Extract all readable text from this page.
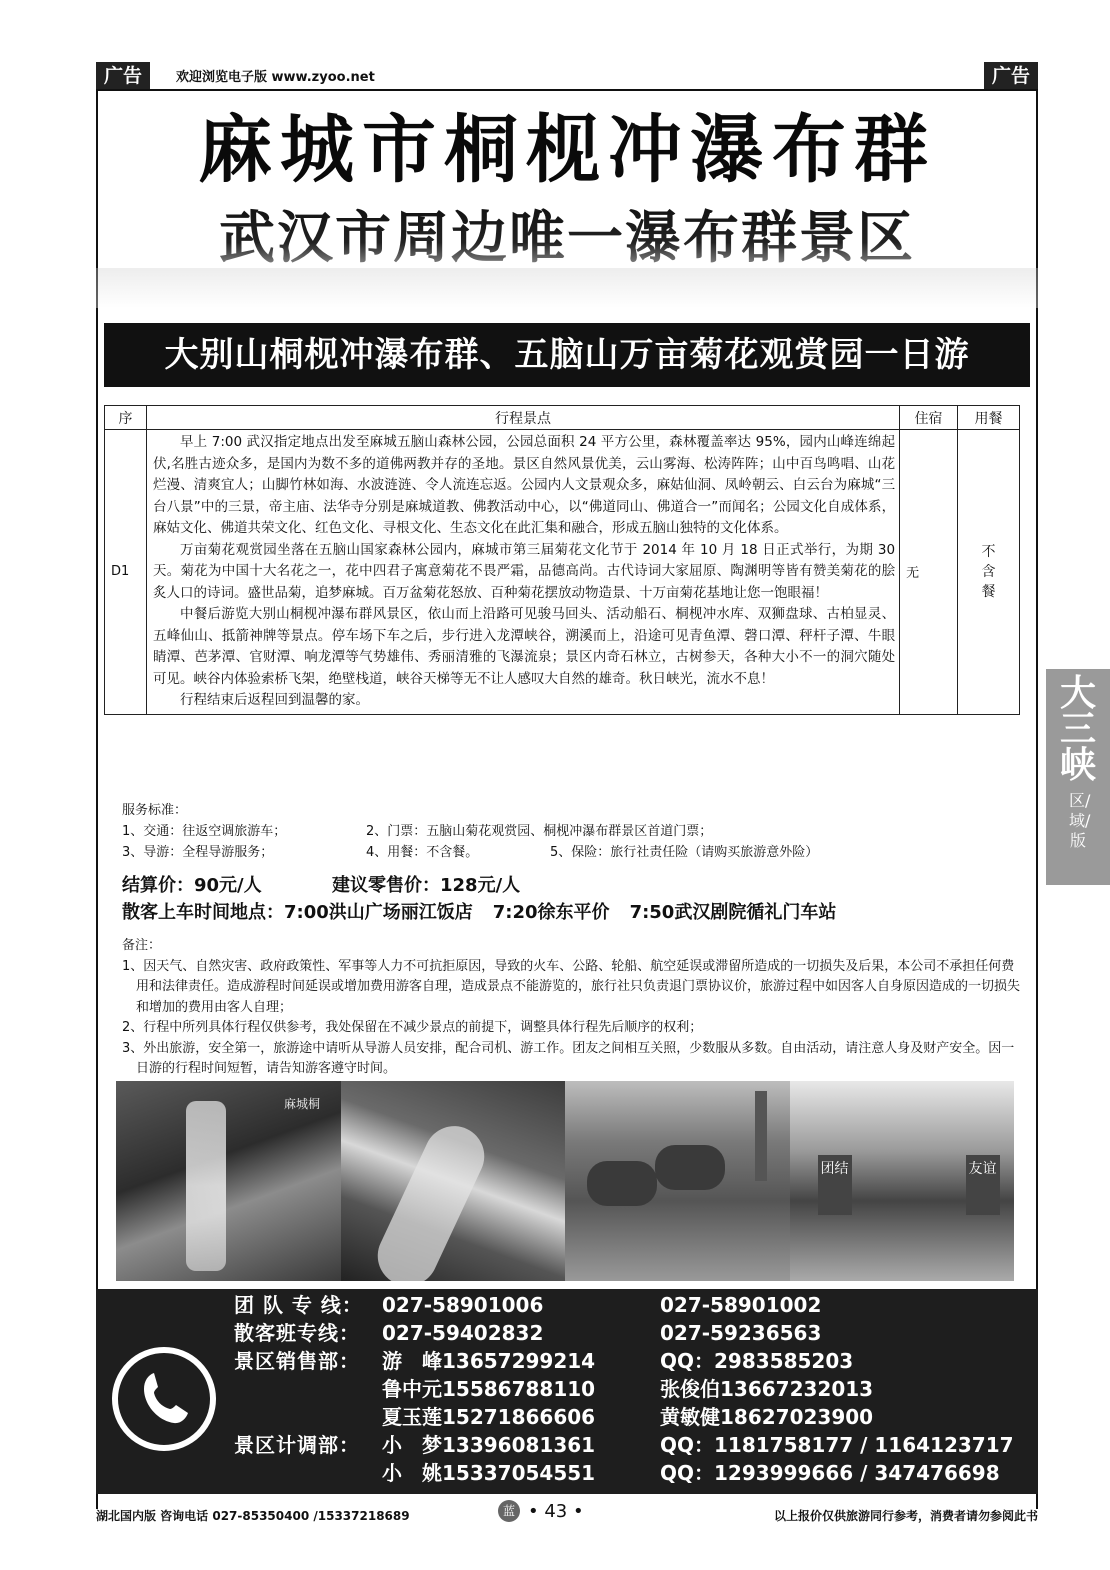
广告	欢迎浏览电子版 www.zyoo.net	广告
麻城市桐枧冲瀑布群
武汉市周边唯一瀑布群景区
大别山桐枧冲瀑布群、五脑山万亩菊花观赏园一日游
序	行程景点	住宿	用餐
D1	早上 7:00 武汉指定地点出发至麻城五脑山森林公园，公园总面积 24 平方公里，森林覆盖率达 95%，园内山峰连绵起伏,名胜古迹众多，是国内为数不多的道佛两教并存的圣地。景区自然风景优美，云山雾海、松涛阵阵；山中百鸟鸣唱、山花烂漫、清爽宜人；山脚竹林如海、水波涟涟、令人流连忘返。公园内人文景观众多，麻姑仙洞、凤岭朝云、白云台为麻城“三台八景”中的三景，帝主庙、法华寺分别是麻城道教、佛教活动中心，以“佛道同山、佛道合一”而闻名；公园文化自成体系，麻姑文化、佛道共荣文化、红色文化、寻根文化、生态文化在此汇集和融合，形成五脑山独特的文化体系。

万亩菊花观赏园坐落在五脑山国家森林公园内，麻城市第三届菊花文化节于 2014 年 10 月 18 日正式举行，为期 30 天。菊花为中国十大名花之一，花中四君子寓意菊花不畏严霜，品德高尚。古代诗词大家屈原、陶渊明等皆有赞美菊花的脍炙人口的诗词。盛世品菊，追梦麻城。百万盆菊花怒放、百种菊花摆放动物造景、十万亩菊花基地让您一饱眼福！

中餐后游览大别山桐枧冲瀑布群风景区，依山而上沿路可见骏马回头、活动船石、桐枧冲水库、双狮盘球、古柏显灵、五峰仙山、抵箭神牌等景点。停车场下车之后，步行进入龙潭峡谷，溯溪而上，沿途可见青鱼潭、磬口潭、秤杆子潭、牛眼睛潭、芭茅潭、官财潭、响龙潭等气势雄伟、秀丽清雅的飞瀑流泉；景区内奇石林立，古树参天，各种大小不一的洞穴随处可见。峡谷内体验索桥飞架，绝壁栈道，峡谷天梯等无不让人感叹大自然的雄奇。秋日峡光，流水不息！

行程结束后返程回到温馨的家。	无	不含餐
服务标准：
1、交通：往返空调旅游车；	2、门票：五脑山菊花观赏园、桐枧冲瀑布群景区首道门票；
3、导游：全程导游服务；	4、用餐：不含餐。	5、保险：旅行社责任险（请购买旅游意外险）
结算价：90元/人	建议零售价：128元/人
散客上车时间地点：7:00洪山广场丽江饭店 7:20徐东平价 7:50武汉剧院循礼门车站
备注：
1、因天气、自然灾害、政府政策性、军事等人力不可抗拒原因，导致的火车、公路、轮船、航空延误或滞留所造成的一切损失及后果，本公司不承担任何费用和法律责任。造成游程时间延误或增加费用游客自理，造成景点不能游览的，旅行社只负责退门票协议价，旅游过程中如因客人自身原因造成的一切损失和增加的费用由客人自理；
2、行程中所列具体行程仅供参考，我处保留在不减少景点的前提下，调整具体行程先后顺序的权利；
3、外出旅游，安全第一，旅游途中请听从导游人员安排，配合司机、游工作。团友之间相互关照，少数服从多数。自由活动，请注意人身及财产安全。因一日游的行程时间短暂，请告知游客遵守时间。
麻城桐
团结	友谊
团 队 专 线： 027-58901006	027-58901002
散客班专线： 027-59402832	027-59236563
景区销售部： 游　峰13657299214	QQ：2983585203
鲁中元15586788110	张俊伯13667232013
夏玉莲15271866606	黄敏健18627023900
景区计调部： 小　梦13396081361	QQ：1181758177 / 1164123717
小　姚15337054551	QQ：1293999666 / 347476698
湖北国内版 咨询电话 027-85350400 /15337218689	蓝 • 43 •	以上报价仅供旅游同行参考，消费者请勿参阅此书
大三峡
区/域/版
